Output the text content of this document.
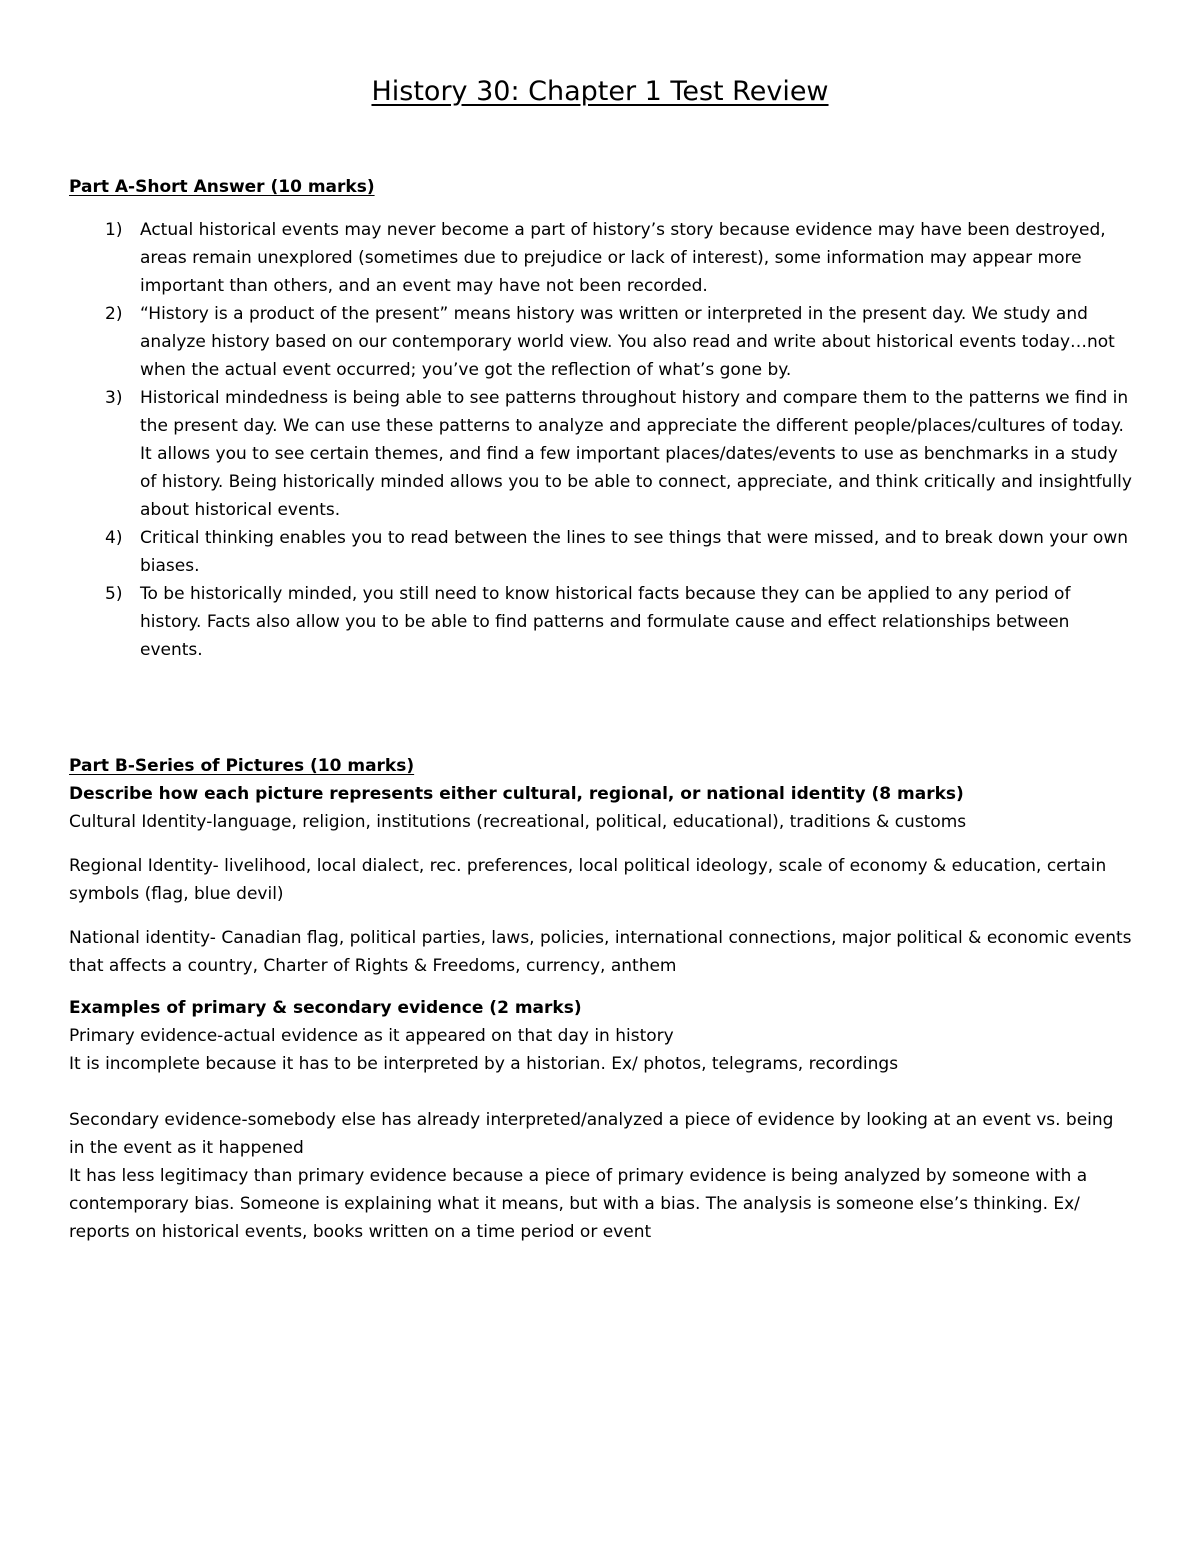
History 30: Chapter 1 Test Review
Part A-Short Answer (10 marks)
1) Actual historical events may never become a part of history’s story because evidence may have been destroyed, areas remain unexplored (sometimes due to prejudice or lack of interest), some information may appear more important than others, and an event may have not been recorded.
2) “History is a product of the present” means history was written or interpreted in the present day. We study and analyze history based on our contemporary world view. You also read and write about historical events today…not when the actual event occurred; you’ve got the reflection of what’s gone by.
3) Historical mindedness is being able to see patterns throughout history and compare them to the patterns we find in the present day. We can use these patterns to analyze and appreciate the different people/places/cultures of today. It allows you to see certain themes, and find a few important places/dates/events to use as benchmarks in a study of history. Being historically minded allows you to be able to connect, appreciate, and think critically and insightfully about historical events.
4) Critical thinking enables you to read between the lines to see things that were missed, and to break down your own biases.
5) To be historically minded, you still need to know historical facts because they can be applied to any period of history. Facts also allow you to be able to find patterns and formulate cause and effect relationships between events.
Part B-Series of Pictures (10 marks)
Describe how each picture represents either cultural, regional, or national identity (8 marks)

Cultural Identity-language, religion, institutions (recreational, political, educational), traditions & customs

Regional Identity- livelihood, local dialect, rec. preferences, local political ideology, scale of economy & education, certain symbols (flag, blue devil)

National identity- Canadian flag, political parties, laws, policies, international connections, major political & economic events that affects a country, Charter of Rights & Freedoms, currency, anthem

Examples of primary & secondary evidence (2 marks)

Primary evidence-actual evidence as it appeared on that day in history

It is incomplete because it has to be interpreted by a historian. Ex/ photos, telegrams, recordings

Secondary evidence-somebody else has already interpreted/analyzed a piece of evidence by looking at an event vs. being in the event as it happened

It has less legitimacy than primary evidence because a piece of primary evidence is being analyzed by someone with a contemporary bias. Someone is explaining what it means, but with a bias. The analysis is someone else’s thinking. Ex/ reports on historical events, books written on a time period or event
